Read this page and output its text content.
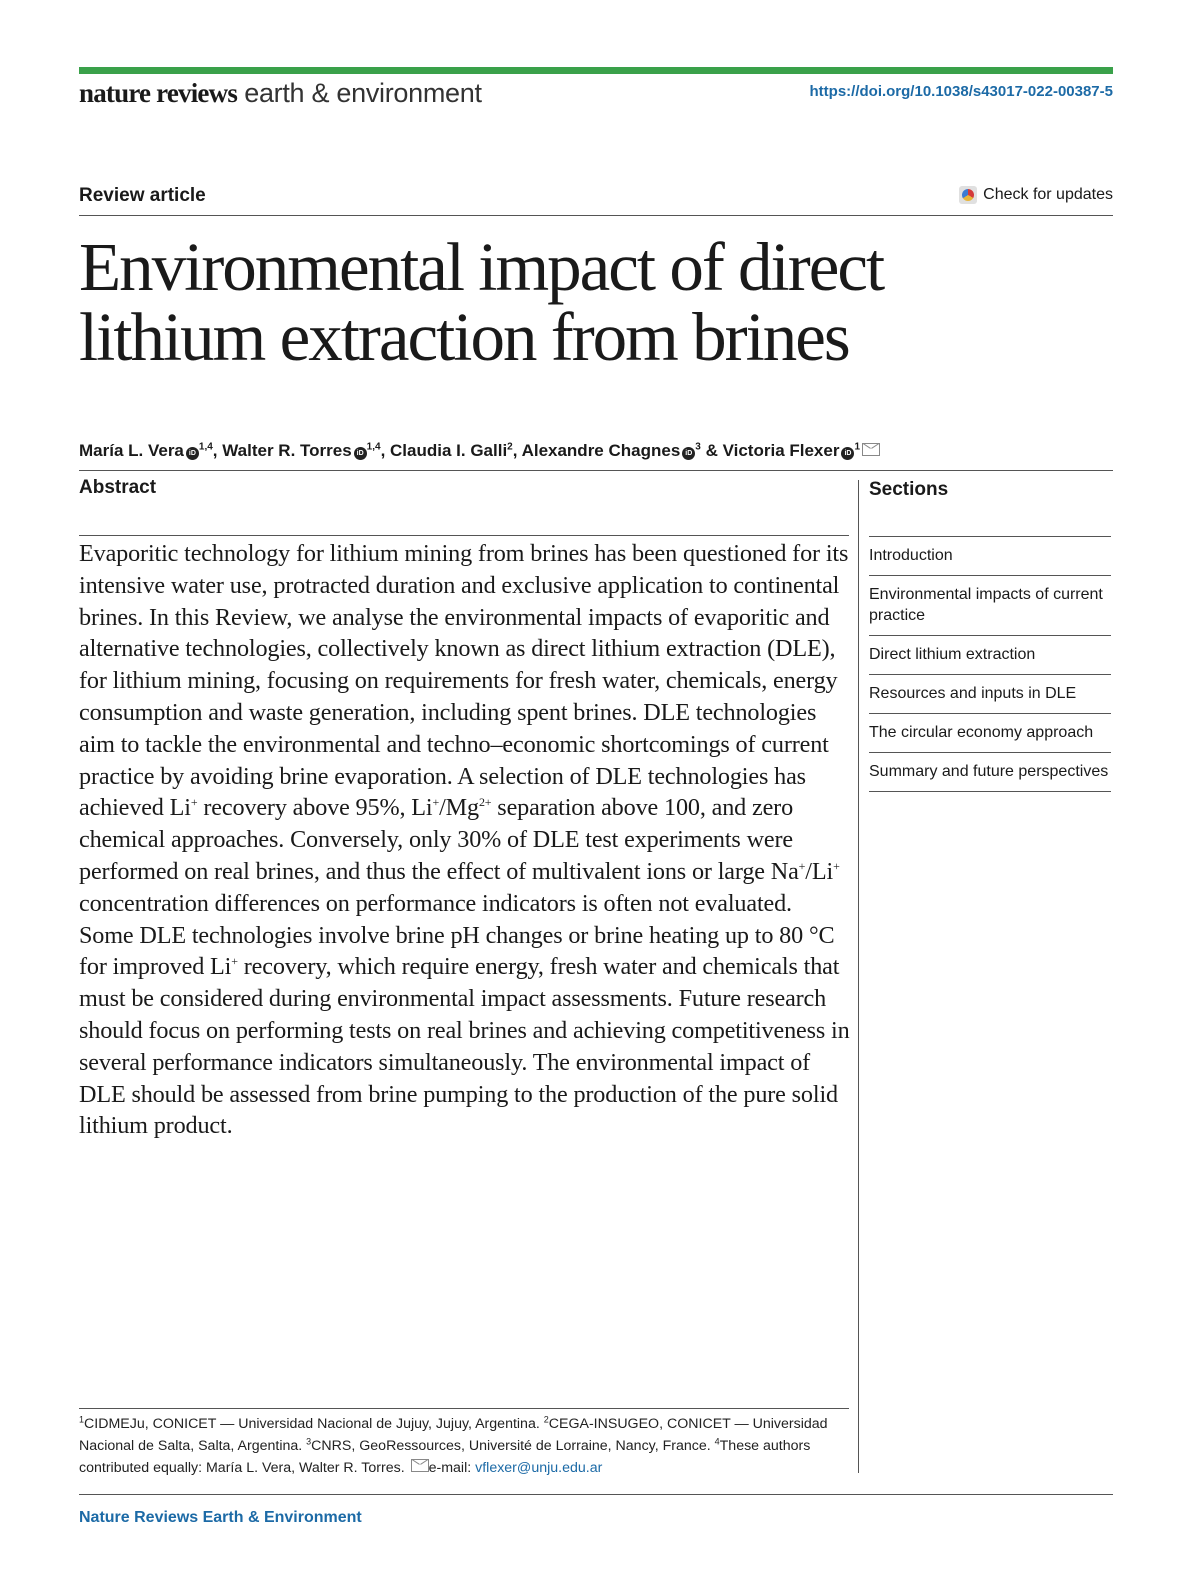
nature reviews earth & environment	https://doi.org/10.1038/s43017-022-00387-5
Review article	Check for updates
Environmental impact of direct lithium extraction from brines
María L. Vera iD$^{1,4}$, Walter R. Torres iD$^{1,4}$, Claudia I. Galli$^2$, Alexandre Chagnes $iD^3$ & Victoria Flexer $iD^1$
Abstract

Evaporitic technology for lithium mining from brines has been questioned for its intensive water use, protracted duration and exclusive application to continental brines. In this Review, we analyse the environmental impacts of evaporitic and alternative technologies, collectively known as direct lithium extraction (DLE), for lithium mining, focusing on requirements for fresh water, chemicals, energy consumption and waste generation, including spent brines. DLE technologies aim to tackle the environmental and techno–economic shortcomings of current practice by avoiding brine evaporation. A selection of DLE technologies has achieved Li+ recovery above 95%, $Li^+/Mg^{2+}$ separation above 100, and zero chemical approaches. Conversely, only 30% of DLE test experiments were performed on real brines, and thus the effect of multivalent ions or large Na+/Li+ concentration differences on performance indicators is often not evaluated. Some DLE technologies involve brine pH changes or brine heating up to 80 °C for improved Li+ recovery, which require energy, fresh water and chemicals that must be considered during environmental impact assessments. Future research should focus on performing tests on real brines and achieving competitiveness in several performance indicators simultaneously. The environmental impact of DLE should be assessed from brine pumping to the production of the pure solid lithium product.

Sections
Introduction
Environmental impacts of current practice
Direct lithium extraction
Resources and inputs in DLE
The circular economy approach
Summary and future perspectives

$^1$CIDMEJu, CONICET — Universidad Nacional de Jujuy, Jujuy, Argentina. $^2$CEGA-INSUGEO, CONICET — Universidad Nacional de Salta, Salta, Argentina. $^3$CNRS, GeoRessources, Université de Lorraine, Nancy, France. $^4$These authors contributed equally: María L. Vera, Walter R. Torres. e-mail: vflexer@unju.edu.ar

Nature Reviews Earth & Environment
